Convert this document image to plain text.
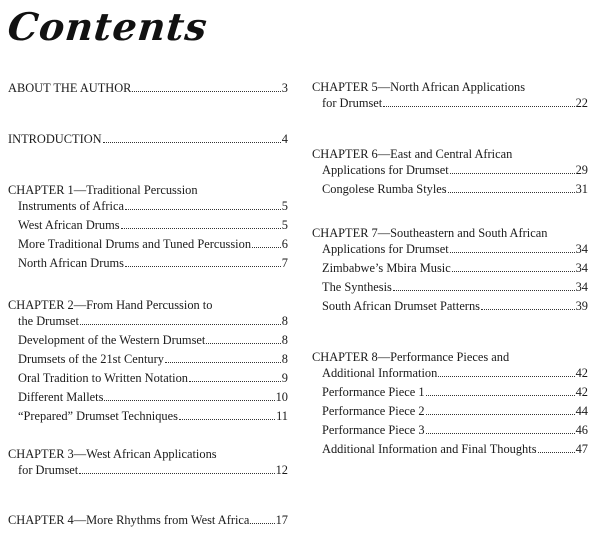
Contents
ABOUT THE AUTHOR	3
INTRODUCTION	4
CHAPTER 1—Traditional Percussion
Instruments of Africa	5
West African Drums	5
More Traditional Drums and Tuned Percussion 6
North African Drums	7
CHAPTER 2—From Hand Percussion to
the Drumset	8
Development of the Western Drumset	8
Drumsets of the 21st Century	8
Oral Tradition to Written Notation	9
Different Mallets	10
“Prepared” Drumset Techniques	11
CHAPTER 3—West African Applications
for Drumset	12
CHAPTER 4—More Rhythms from West Africa 17
CHAPTER 5—North African Applications
for Drumset	22
CHAPTER 6—East and Central African
Applications for Drumset	29
Congolese Rumba Styles	31
CHAPTER 7—Southeastern and South African
Applications for Drumset	34
Zimbabwe’s Mbira Music	34
The Synthesis	34
South African Drumset Patterns	39
CHAPTER 8—Performance Pieces and
Additional Information	42
Performance Piece 1	42
Performance Piece 2	44
Performance Piece 3	46
Additional Information and Final Thoughts	47
